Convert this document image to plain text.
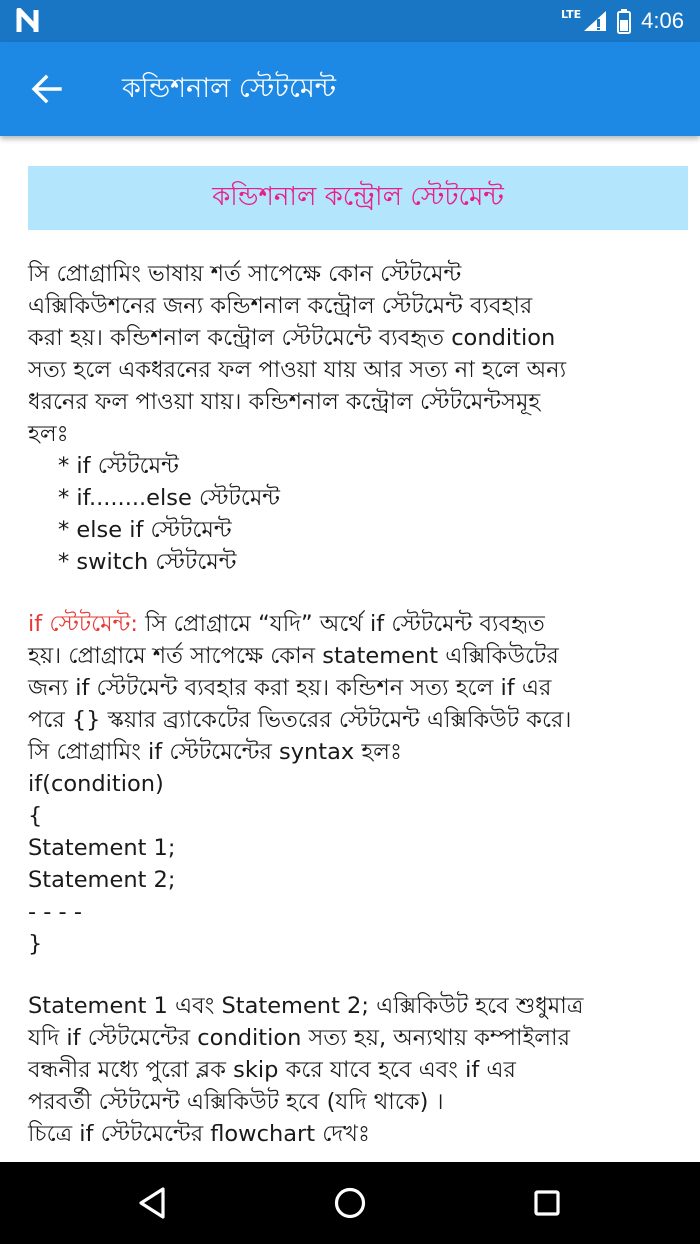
LTE	4:06
কন্ডিশনাল স্টেটমেন্ট
কন্ডিশনাল কন্ট্রোল স্টেটমেন্ট
সি প্রোগ্রামিং ভাষায় শর্ত সাপেক্ষে কোন স্টেটমেন্ট
এক্সিকিউশনের জন্য কন্ডিশনাল কন্ট্রোল স্টেটমেন্ট ব্যবহার
করা হয়। কন্ডিশনাল কন্ট্রোল স্টেটমেন্টে ব্যবহৃত condition
সত্য হলে একধরনের ফল পাওয়া যায় আর সত্য না হলে অন্য
ধরনের ফল পাওয়া যায়। কন্ডিশনাল কন্ট্রোল স্টেটমেন্টসমূহ
হলঃ
* if স্টেটমেন্ট
* if........else স্টেটমেন্ট
* else if স্টেটমেন্ট
* switch স্টেটমেন্ট
if স্টেটমেন্ট: সি প্রোগ্রামে “যদি” অর্থে if স্টেটমেন্ট ব্যবহৃত
হয়। প্রোগ্রামে শর্ত সাপেক্ষে কোন statement এক্সিকিউটের
জন্য if স্টেটমেন্ট ব্যবহার করা হয়। কন্ডিশন সত্য হলে if এর
পরে {} স্কয়ার ব্র্যাকেটের ভিতরের স্টেটমেন্ট এক্সিকিউট করে।
সি প্রোগ্রামিং if স্টেটমেন্টের syntax হলঃ
if(condition)
{
Statement 1;
Statement 2;
- - - -
}
Statement 1 এবং Statement 2; এক্সিকিউট হবে শুধুমাত্র
যদি if স্টেটমেন্টের condition সত্য হয়, অন্যথায় কম্পাইলার
বন্ধনীর মধ্যে পুরো ব্লক skip করে যাবে হবে এবং if এর
পরবর্তী স্টেটমেন্ট এক্সিকিউট হবে (যদি থাকে) ।
চিত্রে if স্টেটমেন্টের flowchart দেখঃ
